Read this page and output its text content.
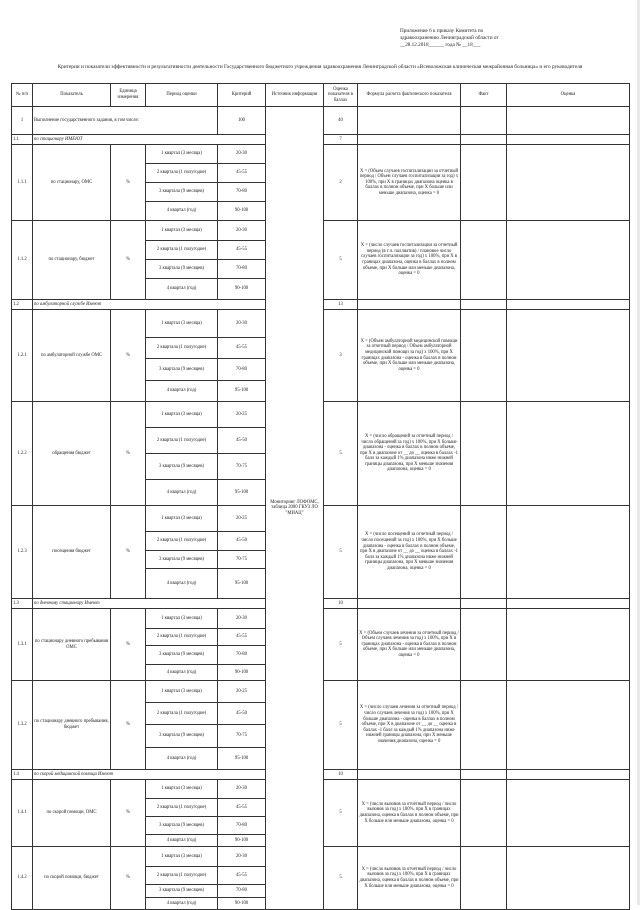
Приложение 6 к приказу Комитета по
здравоохранению Ленинградской области от
__28.12.2018______ года № __18___
Критерии и показатели эффективности и результативности деятельности Государственного бюджетного учреждения здравоохранения Ленинградской области «Всеволожская клиническая межрайонная больница» и его руководителя
№ п/п	Показатель	Единица измерения	Период оценки	Критерий	Источник информации	Оценка показателя в баллах	Формула расчета фактического показателя	Факт	Оценка
1	Выполнение государственного задания, в том числе:			100	Мониторинг ЛОФОМС, таблица 2000 ГКУЗ ЛО "МИАЦ"	40			
1.1	по стационару ИМЕЮТ					7			
1.1.1	по стационару, ОМС	%	1 квартал (3 месяца)	20-30		2	X = (Объем случаев госпитализации за отчетный период / Объем случаев госпитализации за год) x 100%, при X в границах диапазона оценка в баллах в полном объеме, при X больше или меньше диапазона, оценка = 0		
			2 квартала (1 полугодие)	45-55					
			3 квартала (9 месяцев)	70-80					
			4 квартал (год)	90-100					
1.1.2	по стационару, бюджет	%	1 квартал (3 месяца)	20-30		5	X = (число случаев госпитализации за отчетный период (в т.ч. паллиатив) / плановое число случаев госпитализации за год) x 100%, при X в границах диапазона, оценка в баллах в полном объеме, при X больше или меньше диапазона, оценка = 0		
			2 квартала (1 полугодие)	45-55					
			3 квартала (9 месяцев)	70-80					
			4 квартал (год)	90-100					
1.2	по амбулаторной службе Имеют					13			
1.2.1	по амбулаторной службе ОМС	%	1 квартал (3 месяца)	20-30		3	X = (Объем амбулаторной медицинской помощи за отчетный период / Объем амбулаторной медицинской помощи за год) x 100%, при X границах диапазона - оценка в баллах в полном объеме, при X больше или меньше диапазона, оценка = 0		
			2 квартала (1 полугодие)	45-55					
			3 квартала (9 месяцев)	70-80					
			4 квартал (год)	95-100					
1.2.2	обращения бюджет	%	1 квартал (3 месяца)	20-25		5	X = (число обращений за отчетный период / число обращений за год) x 100%, при X больше диапазона - оценка в баллах в полном объеме, при X в диапазоне от __ до __ оценка в баллах -1 балл за каждый 1% диапазона ниже нижней границы диапазона, при X меньше значения диапазона, оценка = 0		
			2 квартала (1 полугодие)	45-50					
			3 квартала (9 месяцев)	70-75					
			4 квартал (год)	95-100					
1.2.3	посещения бюджет	%	1 квартал (3 месяца)	20-25		5	X = (число посещений за отчетный период / число посещений за год) x 100%, при X больше диапазона - оценка в баллах в полном объеме, при X в диапазоне от __ до __ оценка в баллах -1 балл за каждый 1% диапазона ниже нижней границы диапазона, при X меньше значения диапазона, оценка = 0		
			2 квартала (1 полугодие)	45-50					
			3 квартала (9 месяцев)	70-75					
			4 квартал (год)	95-100					
1.3	по дневному стационару Имеют					10			
1.3.1	по стационару дневного пребывания ОМС	%	1 квартал (3 месяца)	20-30		5	X = (Объем случаев лечения за отчетный период / Объем случаев лечения за год) x 100%, при X в границах диапазона - оценка в баллах в полном объеме, при X больше или меньше диапазона, оценка = 0		
			2 квартала (1 полугодие)	45-55					
			3 квартала (9 месяцев)	70-80					
			4 квартал (год)	90-100					
1.3.2	по стационару дневного пребывания, бюджет	%	1 квартал (3 месяца)	20-25		5	X = (число случаев лечения за отчетный период / число случаев лечения за год) x 100%, при X больше диапазона - оценка в баллах в полном объеме, при X в диапазоне от __ до __ оценка в баллах -1 балл за каждый 1% диапазона ниже нижней границы диапазона, при X меньше значения диапазона, оценка = 0		
			2 квартала (1 полугодие)	45-50					
			3 квартала (9 месяцев)	70-75					
			4 квартал (год)	95-100					
1.4	по скорой медицинской помощи Имеют					10			
1.4.1	по скорой помощи, ОМС	%	1 квартал (3 месяца)	20-30		5	X = (число вызовов за отчетный период / число вызовов за год) x 100%, при X в границах диапазона, оценка в баллах в полном объеме, при X больше или меньше диапазона, оценка = 0		
			2 квартала (1 полугодие)	45-55					
			3 квартала (9 месяцев)	70-80					
			4 квартал (год)	90-100					
1.4.2	по скорой помощи, бюджет	%	1 квартал (3 месяца)	20-30		5	X = (число вызовов за отчетный период / число вызовов за год) x 100%, при X в границах диапазона, оценка в баллах в полном объеме, при X больше или меньше диапазона, оценка = 0		
			2 квартала (1 полугодие)	45-55					
			3 квартала (9 месяцев)	70-80					
			4 квартал (год)	90-100					
